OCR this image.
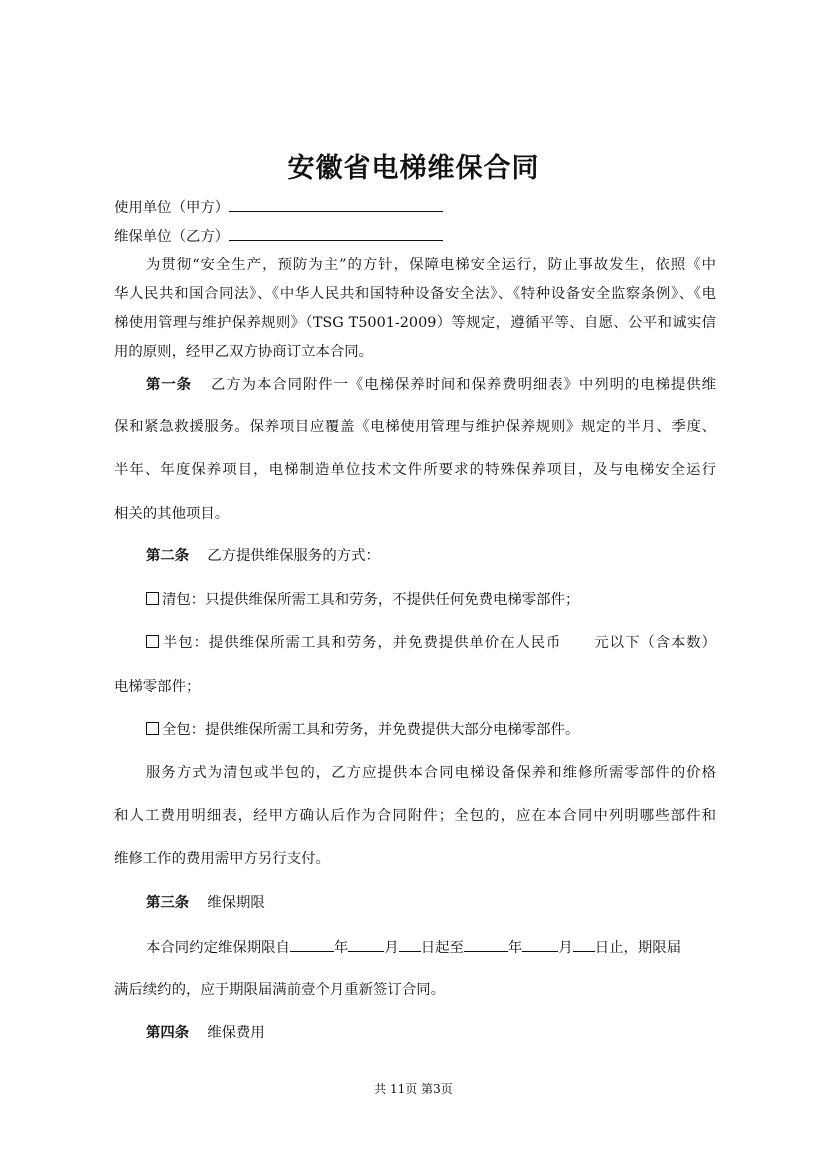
安徽省电梯维保合同
使用单位（甲方）
维保单位（乙方）
为贯彻“安全生产，预防为主”的方针，保障电梯安全运行，防止事故发生，依照《中
华人民共和国合同法》、《中华人民共和国特种设备安全法》、《特种设备安全监察条例》、《电
梯使用管理与维护保养规则》（TSG T5001-2009）等规定，遵循平等、自愿、公平和诚实信
用的原则，经甲乙双方协商订立本合同。
第一条 乙方为本合同附件一《电梯保养时间和保养费明细表》中列明的电梯提供维
保和紧急救援服务。保养项目应覆盖《电梯使用管理与维护保养规则》规定的半月、季度、
半年、年度保养项目，电梯制造单位技术文件所要求的特殊保养项目，及与电梯安全运行
相关的其他项目。
第二条 乙方提供维保服务的方式：
清包：只提供维保所需工具和劳务，不提供任何免费电梯零部件；
半包：提供维保所需工具和劳务，并免费提供单价在人民币 元以下（含本数）
电梯零部件；
全包：提供维保所需工具和劳务，并免费提供大部分电梯零部件。
服务方式为清包或半包的，乙方应提供本合同电梯设备保养和维修所需零部件的价格
和人工费用明细表，经甲方确认后作为合同附件；全包的，应在本合同中列明哪些部件和
维修工作的费用需甲方另行支付。
第三条 维保期限
本合同约定维保期限自	年	月 日起至	年	月 日止，期限届
满后续约的，应于期限届满前壹个月重新签订合同。
第四条 维保费用
共 11页 第3页
